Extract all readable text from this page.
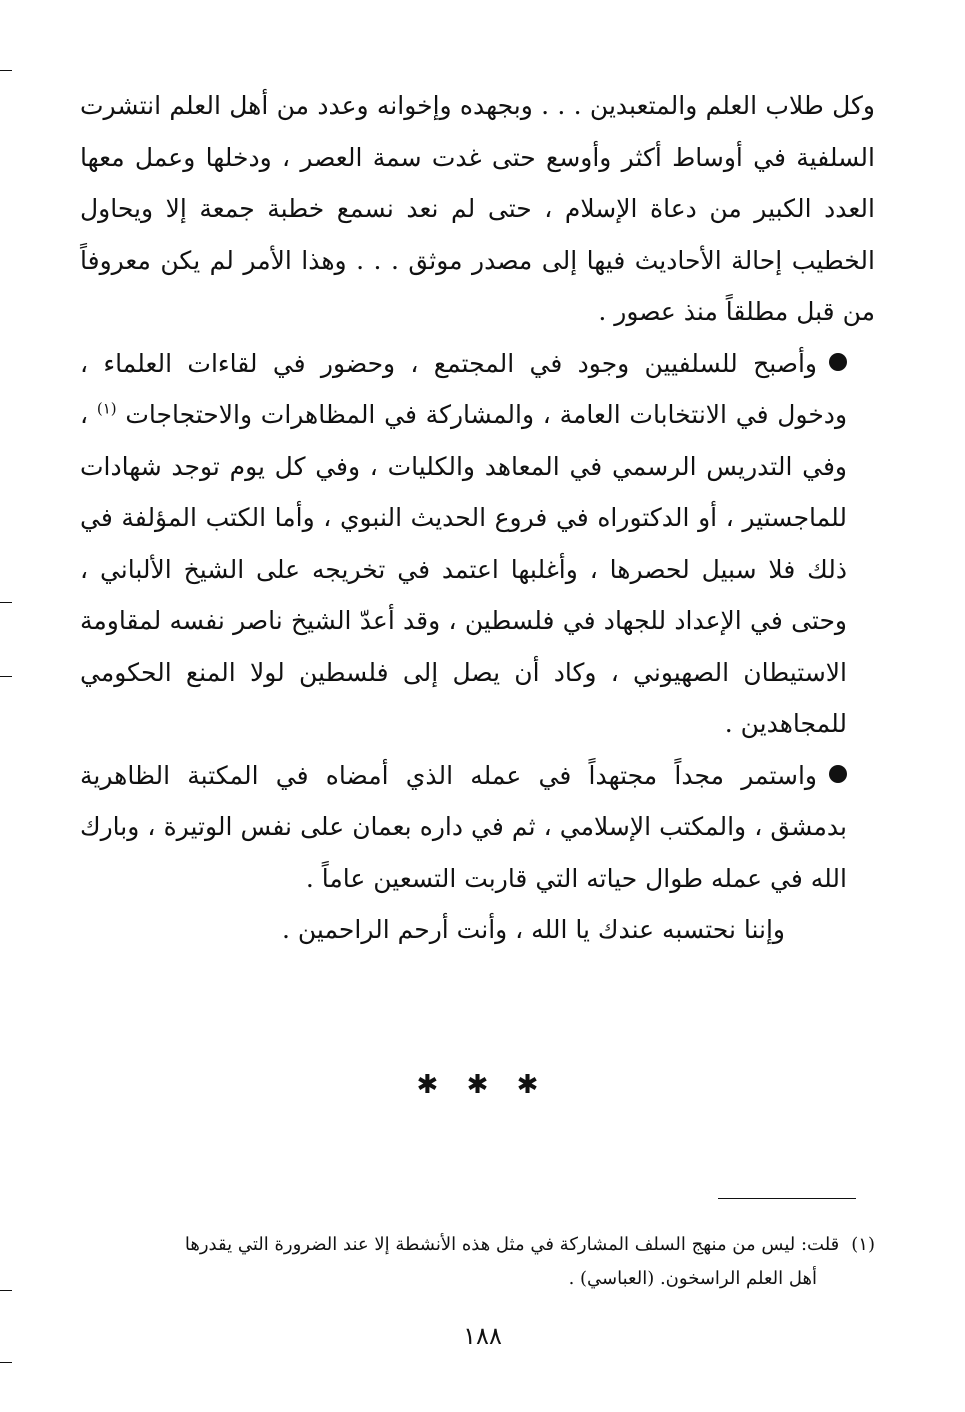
وكل طلاب العلم والمتعبدين . . . وبجهده وإخوانه وعدد من أهل العلم انتشرت السلفية في أوساط أكثر وأوسع حتى غدت سمة العصر ، ودخلها وعمل معها العدد الكبير من دعاة الإسلام ، حتى لم نعد نسمع خطبة جمعة إلا ويحاول الخطيب إحالة الأحاديث فيها إلى مصدر موثق . . . وهذا الأمر لم يكن معروفاً من قبل مطلقاً منذ عصور .

وأصبح للسلفيين وجود في المجتمع ، وحضور في لقاءات العلماء ، ودخول في الانتخابات العامة ، والمشاركة في المظاهرات والاحتجاجات $^{(١)}$ ، وفي التدريس الرسمي في المعاهد والكليات ، وفي كل يوم توجد شهادات للماجستير ، أو الدكتوراه في فروع الحديث النبوي ، وأما الكتب المؤلفة في ذلك فلا سبيل لحصرها ، وأغلبها اعتمد في تخريجه على الشيخ الألباني ، وحتى في الإعداد للجهاد في فلسطين ، وقد أعدّ الشيخ ناصر نفسه لمقاومة الاستيطان الصهيوني ، وكاد أن يصل إلى فلسطين لولا المنع الحكومي للمجاهدين .

واستمر مجداً مجتهداً في عمله الذي أمضاه في المكتبة الظاهرية بدمشق ، والمكتب الإسلامي ، ثم في داره بعمان على نفس الوتيرة ، وبارك الله في عمله طوال حياته التي قاربت التسعين عاماً .

وإننا نحتسبه عندك يا الله ، وأنت أرحم الراحمين .

✱ ✱ ✱

(١)قلت: ليس من منهج السلف المشاركة في مثل هذه الأنشطة إلا عند الضرورة التي يقدرها

أهل العلم الراسخون. (العباسي) .

١٨٨
